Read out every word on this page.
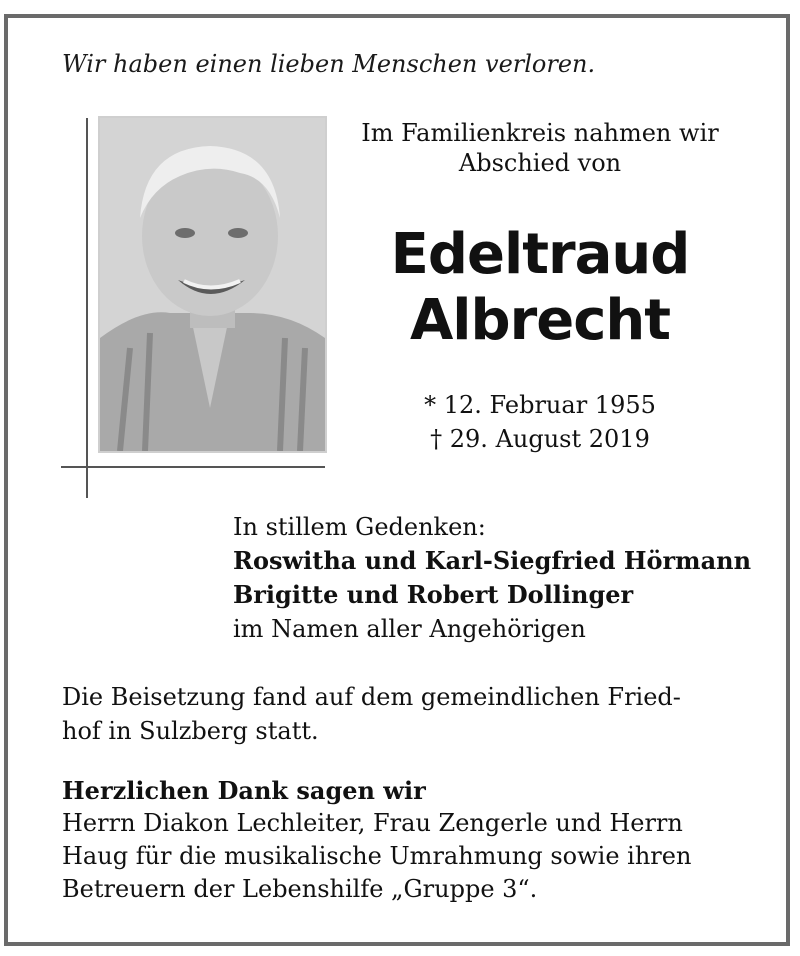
Wir haben einen lieben Menschen verloren.
Im Familienkreis nahmen wir
Abschied von
Edeltraud
Albrecht
* 12. Februar 1955
† 29. August 2019
In stillem Gedenken:
Roswitha und Karl-Siegfried Hörmann
Brigitte und Robert Dollinger
im Namen aller Angehörigen
Die Beisetzung fand auf dem gemeindlichen Fried-
hof in Sulzberg statt.
Herzlichen Dank sagen wir
Herrn Diakon Lechleiter, Frau Zengerle und Herrn
Haug für die musikalische Umrahmung sowie ihren
Betreuern der Lebenshilfe „Gruppe 3“.
